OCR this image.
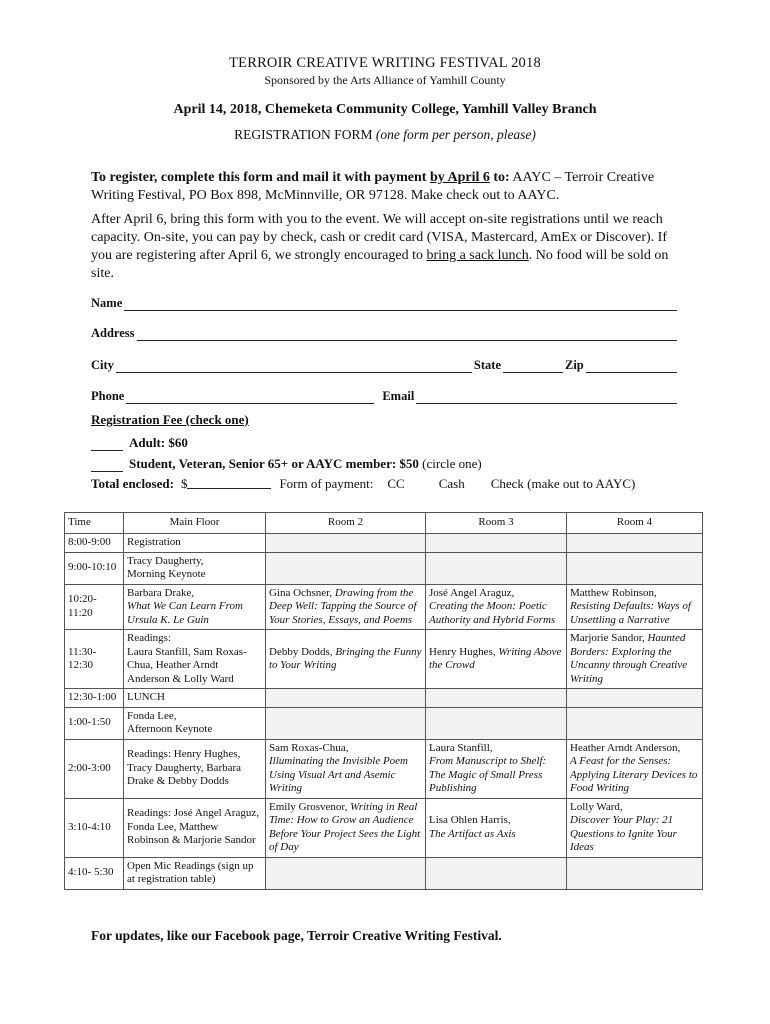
TERROIR CREATIVE WRITING FESTIVAL 2018
Sponsored by the Arts Alliance of Yamhill County
April 14, 2018, Chemeketa Community College, Yamhill Valley Branch
REGISTRATION FORM (one form per person, please)
To register, complete this form and mail it with payment by April 6 to: AAYC – Terroir Creative Writing Festival, PO Box 898, McMinnville, OR 97128. Make check out to AAYC.
After April 6, bring this form with you to the event. We will accept on-site registrations until we reach capacity. On-site, you can pay by check, cash or credit card (VISA, Mastercard, AmEx or Discover). If you are registering after April 6, we strongly encouraged to bring a sack lunch. No food will be sold on site.
Name
Address
City	State	Zip
Phone	Email
Registration Fee (check one)
Adult: $60
Student, Veteran, Senior 65+ or AAYC member: $50
(circle one)
Total enclosed: $	Form of payment: CC	Cash Check (make out to AAYC)
Time	Main Floor	Room 2	Room 3	Room 4
8:00-9:00	Registration			
9:00-10:10	Tracy Daugherty,
Morning Keynote			
10:20-
11:20	Barbara Drake,
What We Can Learn From Ursula K. Le Guin	Gina Ochsner, Drawing from the Deep Well: Tapping the Source of Your Stories, Essays, and Poems	José Angel Araguz,
Creating the Moon: Poetic Authority and Hybrid Forms	Matthew Robinson,
Resisting Defaults: Ways of Unsettling a Narrative
11:30-
12:30	Readings:
Laura Stanfill, Sam Roxas-Chua, Heather Arndt Anderson & Lolly Ward	Debby Dodds, Bringing the Funny to Your Writing	Henry Hughes, Writing Above the Crowd	Marjorie Sandor, Haunted Borders: Exploring the Uncanny through Creative Writing
12:30-1:00	LUNCH			
1:00-1:50	Fonda Lee,
Afternoon Keynote			
2:00-3:00	Readings: Henry Hughes, Tracy Daugherty, Barbara Drake & Debby Dodds	Sam Roxas-Chua,
Illuminating the Invisible Poem Using Visual Art and Asemic Writing	Laura Stanfill,
From Manuscript to Shelf: The Magic of Small Press Publishing	Heather Arndt Anderson,
A Feast for the Senses: Applying Literary Devices to Food Writing
3:10-4:10	Readings: José Angel Araguz, Fonda Lee, Matthew Robinson & Marjorie Sandor	Emily Grosvenor, Writing in Real Time: How to Grow an Audience Before Your Project Sees the Light of Day	Lisa Ohlen Harris,
The Artifact as Axis	Lolly Ward,
Discover Your Play: 21 Questions to Ignite Your Ideas
4:10- 5:30	Open Mic Readings (sign up at registration table)			
For updates, like our Facebook page, Terroir Creative Writing Festival.
